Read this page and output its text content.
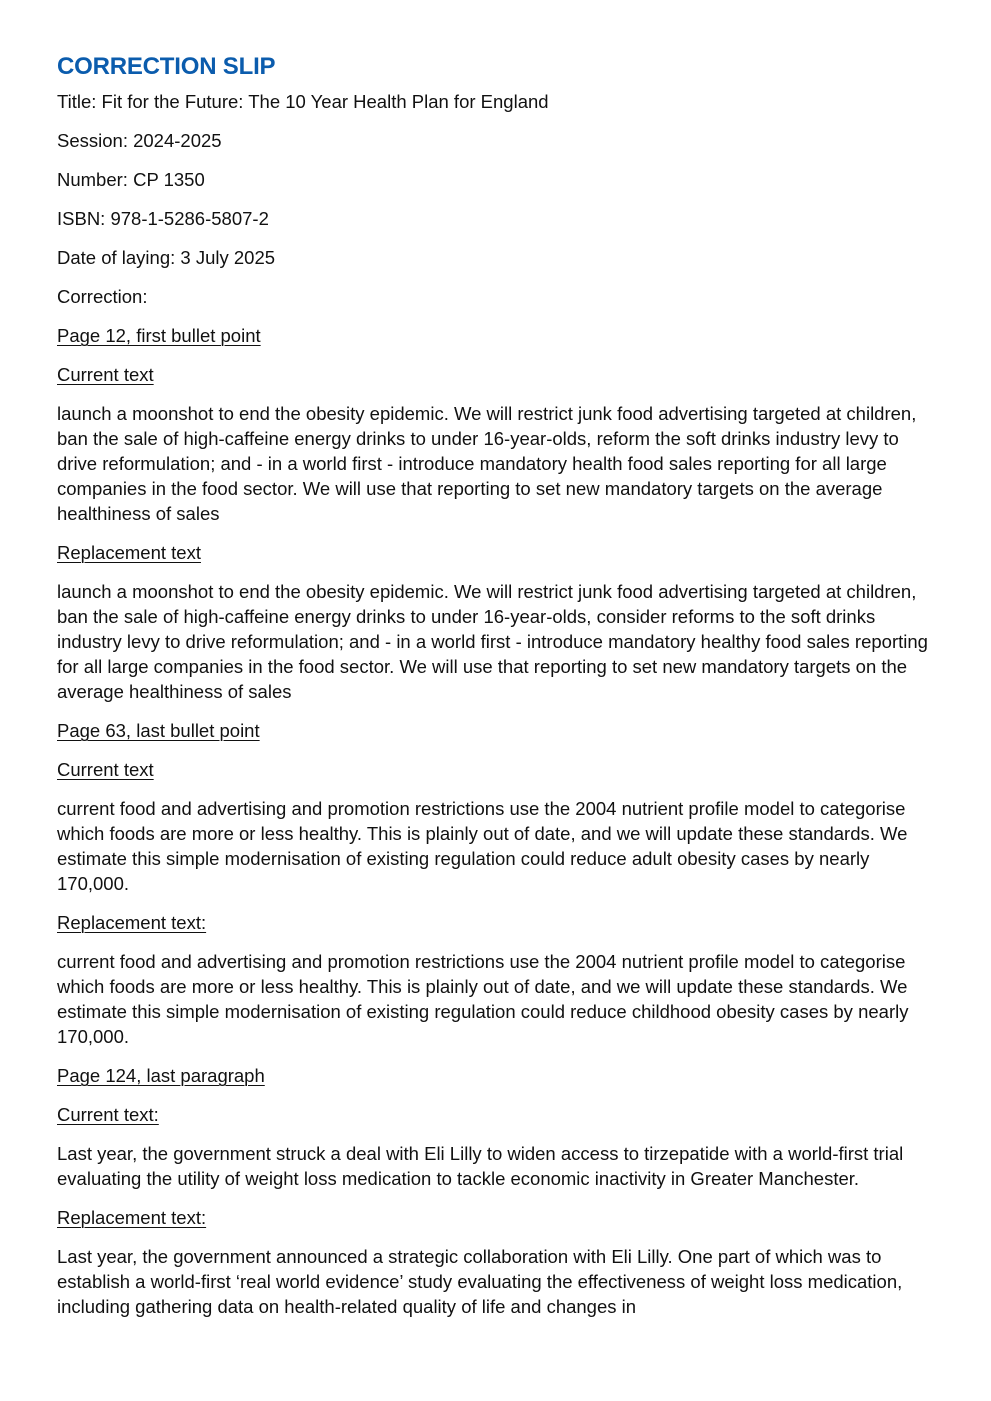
CORRECTION SLIP

Title: Fit for the Future: The 10 Year Health Plan for England

Session: 2024-2025

Number: CP 1350

ISBN: 978-1-5286-5807-2

Date of laying: 3 July 2025

Correction:

Page 12, first bullet point

Current text

launch a moonshot to end the obesity epidemic. We will restrict junk food advertising targeted at children, ban the sale of high-caffeine energy drinks to under 16-year-olds, reform the soft drinks industry levy to drive reformulation; and - in a world first - introduce mandatory health food sales reporting for all large companies in the food sector. We will use that reporting to set new mandatory targets on the average healthiness of sales

Replacement text

launch a moonshot to end the obesity epidemic. We will restrict junk food advertising targeted at children, ban the sale of high-caffeine energy drinks to under 16-year-olds, consider reforms to the soft drinks industry levy to drive reformulation; and - in a world first - introduce mandatory healthy food sales reporting for all large companies in the food sector. We will use that reporting to set new mandatory targets on the average healthiness of sales

Page 63, last bullet point

Current text

current food and advertising and promotion restrictions use the 2004 nutrient profile model to categorise which foods are more or less healthy. This is plainly out of date, and we will update these standards. We estimate this simple modernisation of existing regulation could reduce adult obesity cases by nearly 170,000.

Replacement text:

current food and advertising and promotion restrictions use the 2004 nutrient profile model to categorise which foods are more or less healthy. This is plainly out of date, and we will update these standards. We estimate this simple modernisation of existing regulation could reduce childhood obesity cases by nearly 170,000.

Page 124, last paragraph

Current text:

Last year, the government struck a deal with Eli Lilly to widen access to tirzepatide with a world-first trial evaluating the utility of weight loss medication to tackle economic inactivity in Greater Manchester.

Replacement text:

Last year, the government announced a strategic collaboration with Eli Lilly. One part of which was to establish a world-first ‘real world evidence’ study evaluating the effectiveness of weight loss medication, including gathering data on health-related quality of life and changes in
